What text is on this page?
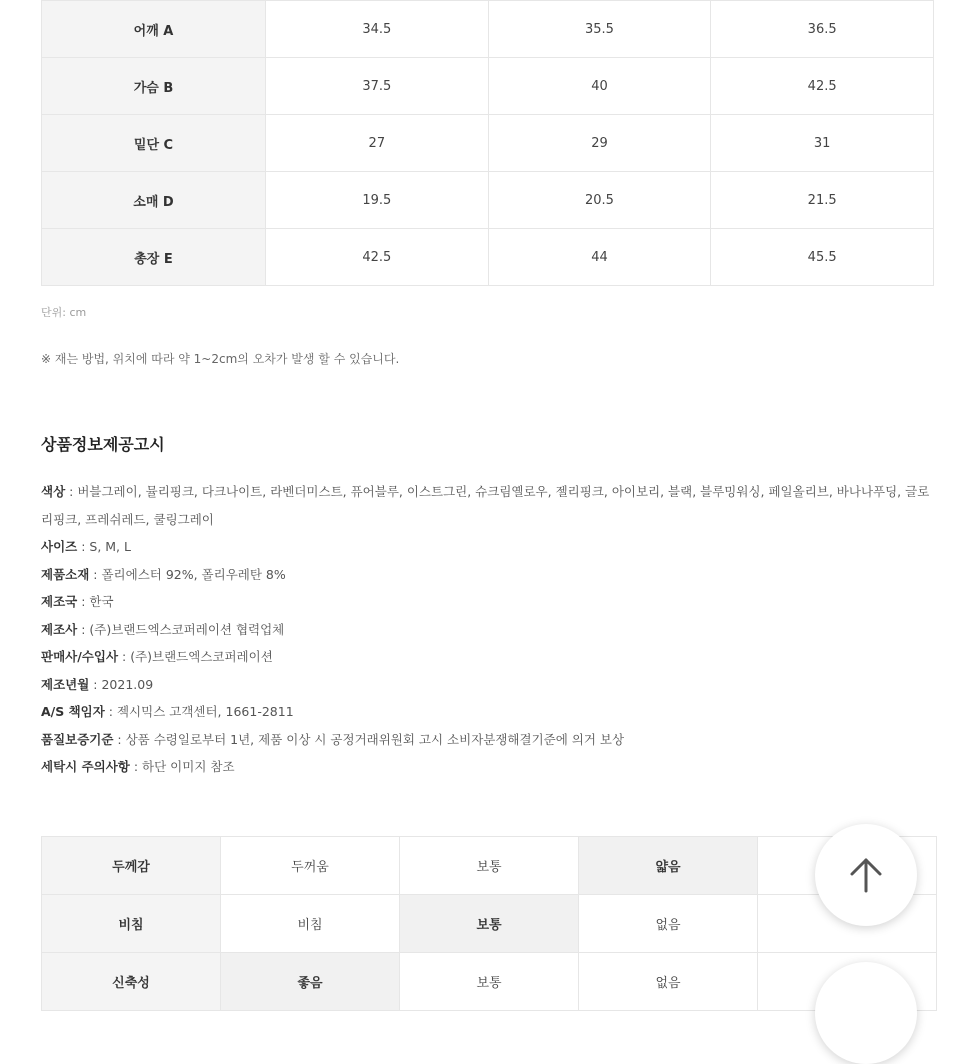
어깨 A	34.5	35.5	36.5
가슴 B	37.5	40	42.5
밑단 C	27	29	31
소매 D	19.5	20.5	21.5
총장 E	42.5	44	45.5
단위: cm
※ 재는 방법, 위치에 따라 약 1~2cm의 오차가 발생 할 수 있습니다.
상품정보제공고시
색상 : 버블그레이, 뮬리핑크, 다크나이트, 라벤더미스트, 퓨어블루, 이스트그린, 슈크림옐로우, 젤리핑크, 아이보리, 블랙, 블루밍워싱, 페일올리브, 바나나푸딩, 글로리핑크, 프레쉬레드, 쿨링그레이
사이즈 : S, M, L
제품소재 : 폴리에스터 92%, 폴리우레탄 8%
제조국 : 한국
제조사 : (주)브랜드엑스코퍼레이션 협력업체
판매사/수입사 : (주)브랜드엑스코퍼레이션
제조년월 : 2021.09
A/S 책임자 : 젝시믹스 고객센터, 1661-2811
품질보증기준 : 상품 수령일로부터 1년, 제품 이상 시 공정거래위원회 고시 소비자분쟁해결기준에 의거 보상
세탁시 주의사항 : 하단 이미지 참조
두께감	두꺼움	보통	얇음	
비침	비침	보통	없음	
신축성	좋음	보통	없음	
